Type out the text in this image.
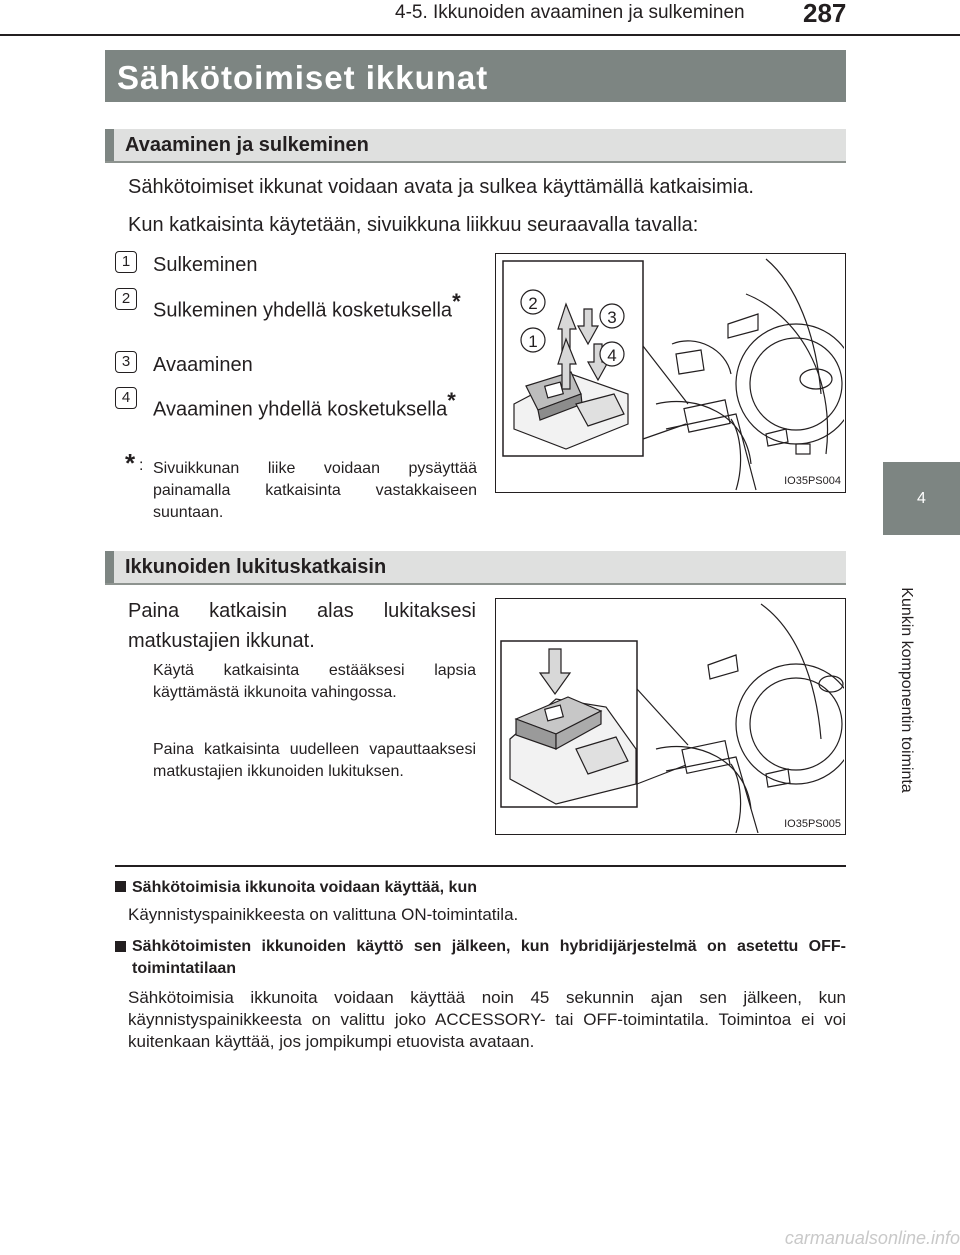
4-5. Ikkunoiden avaaminen ja sulkeminen 287
4
Kunkin komponentin toiminta
Sähkötoimiset ikkunat
Avaaminen ja sulkeminen
Sähkötoimiset ikkunat voidaan avata ja sulkea käyttämällä katkaisimia.
Kun katkaisinta käytetään, sivuikkuna liikkuu seuraavalla tavalla:
1	Sulkeminen
2
Sulkeminen yhdellä kosketuksella*
3	Avaaminen
4
Avaaminen yhdellä kosketuksella*
* : Sivuikkunan liike voidaan pysäyttää painamalla katkaisinta vastakkaiseen suuntaan.
1
2
3
4
IO35PS004
Ikkunoiden lukituskatkaisin
Paina katkaisin alas lukitaksesi matkustajien ikkunat.
Käytä katkaisinta estääksesi lapsia käyttämästä ikkunoita vahingossa.
Paina katkaisinta uudelleen vapauttaaksesi matkustajien ikkunoiden lukituksen.
IO35PS005
Sähkötoimisia ikkunoita voidaan käyttää, kun
Käynnistyspainikkeesta on valittuna ON-toimintatila.
Sähkötoimisten ikkunoiden käyttö sen jälkeen, kun hybridijärjestelmä on asetettu OFF-toimintatilaan
Sähkötoimisia ikkunoita voidaan käyttää noin 45 sekunnin ajan sen jälkeen, kun käynnistyspainikkeesta on valittu joko ACCESSORY- tai OFF-toimintatila. Toimintoa ei voi kuitenkaan käyttää, jos jompikumpi etuovista avataan.
carmanualsonline.info
